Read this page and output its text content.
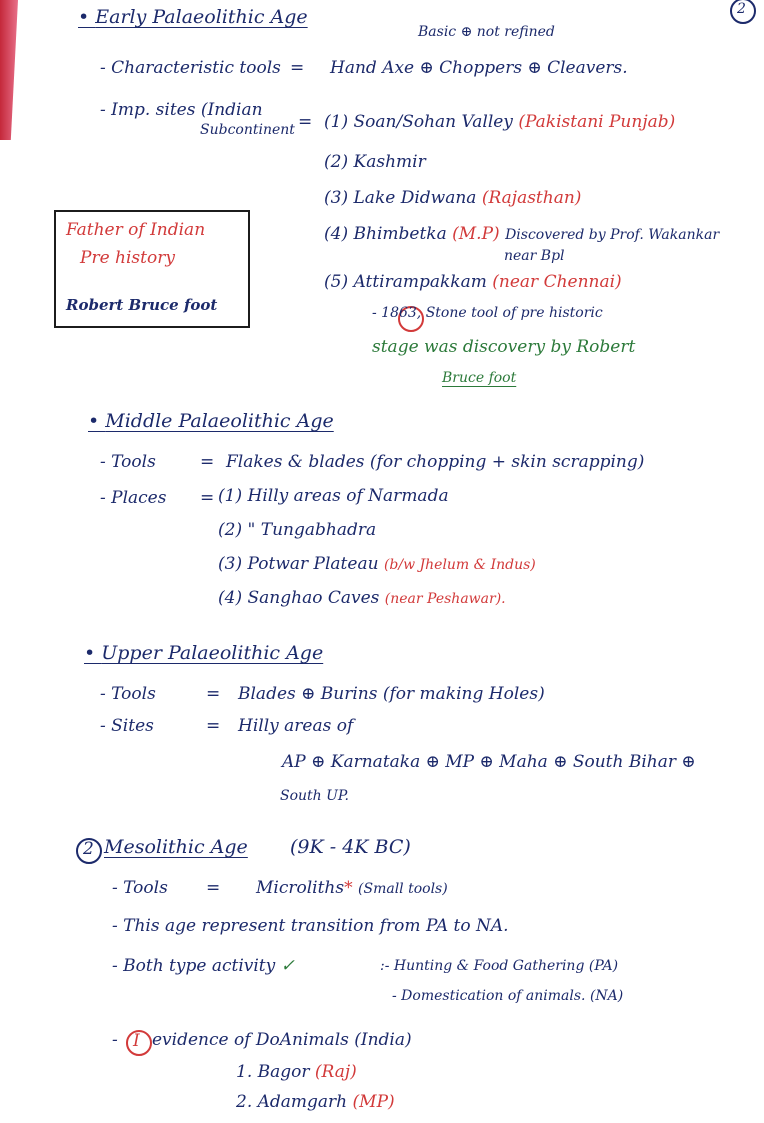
2
• Early Palaeolithic Age
Basic ⊕ not refined
- Characteristic tools = Hand Axe ⊕ Choppers ⊕ Cleavers.
- Imp. sites (Indian
Subcontinent = (1) Soan/Sohan Valley (Pakistani Punjab)
(2) Kashmir
(3) Lake Didwana (Rajasthan)
(4) Bhimbetka (M.P) Discovered by Prof. Wakankar
near Bpl
(5) Attirampakkam (near Chennai)
- 1863, Stone tool of pre historic
stage was discovery by Robert
Bruce foot
Father of Indian
Pre history
Robert Bruce foot
• Middle Palaeolithic Age
- Tools	= Flakes & blades (for chopping + skin scrapping)
- Places = (1) Hilly areas of Narmada
(2) " Tungabhadra
(3) Potwar Plateau (b/w Jhelum & Indus)
(4) Sanghao Caves (near Peshawar).
• Upper Palaeolithic Age
- Tools	= Blades ⊕ Burins (for making Holes)
- Sites	= Hilly areas of
AP ⊕ Karnataka ⊕ MP ⊕ Maha ⊕ South Bihar ⊕
South UP.
2 Mesolithic Age (9K - 4K BC)
- Tools = Microliths* (Small tools)
- This age represent transition from PA to NA.
- Both type activity ✓	:- Hunting & Food Gathering (PA)
- Domestication of animals. (NA)
- I evidence of DoAnimals (India)
1. Bagor (Raj)
2. Adamgarh (MP)
